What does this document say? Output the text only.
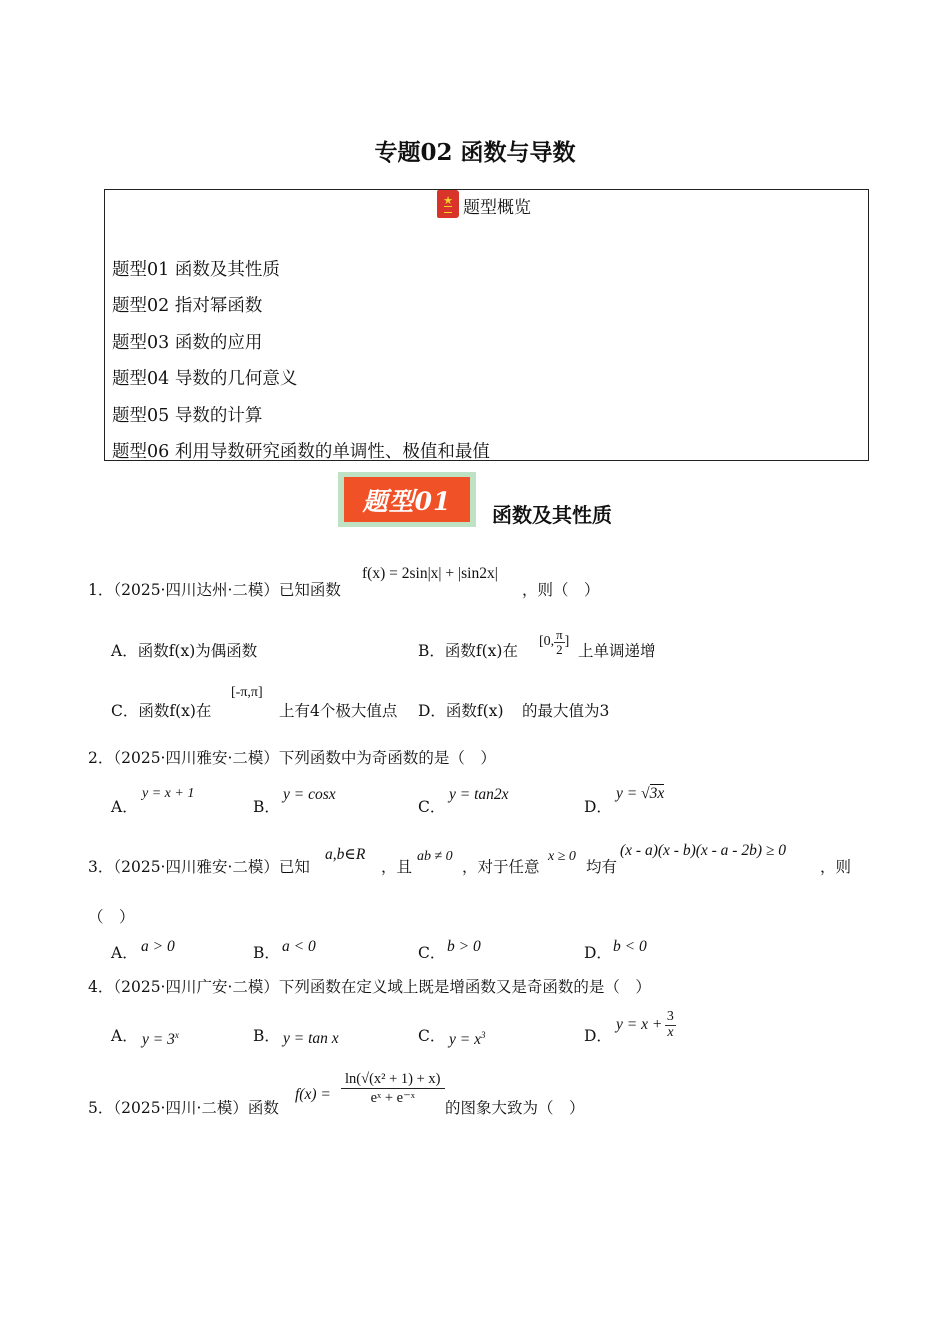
专题02 函数与导数
★ 题型概览
题型01 函数及其性质
题型02 指对幂函数
题型03 函数的应用
题型04 导数的几何意义
题型05 导数的计算
题型06 利用导数研究函数的单调性、极值和最值
题型01	函数及其性质
1．（2025·四川达州·二模）已知函数
f(x) = 2sin|x| + |sin2x|
，则（　）
A．函数f(x)为偶函数	B．函数f(x)在
[0, $\frac{\pi}{2}$ ]
上单调递增
C．函数f(x)在
[-π,π]
上有4个极大值点 D．函数f(x) 的最大值为3
2．（2025·四川雅安·二模）下列函数中为奇函数的是（　）
A．
y = x + 1
B．
y = cosx
C．
y = tan2x
D．
y = √3x
3．（2025·四川雅安·二模）已知
a,b∈R
，且
ab ≠ 0
，对于任意
x ≥ 0
均有
(x - a)(x - b)(x - a - 2b) ≥ 0
，则
（　）
A． a > 0	B． a < 0	C． b > 0	D． b < 0
4．（2025·四川广安·二模）下列函数在定义域上既是增函数又是奇函数的是（　）
A． $y = 3^x$	B． y = tan x	C． $y = x^3$	D．
$y = x + \frac{3}{x}$
5．（2025·四川·二模）函数
$f(x) = \frac{\text{ln(√(x² + 1) + x)}}{\text{eˣ + e⁻ˣ}}$
的图象大致为（　）
